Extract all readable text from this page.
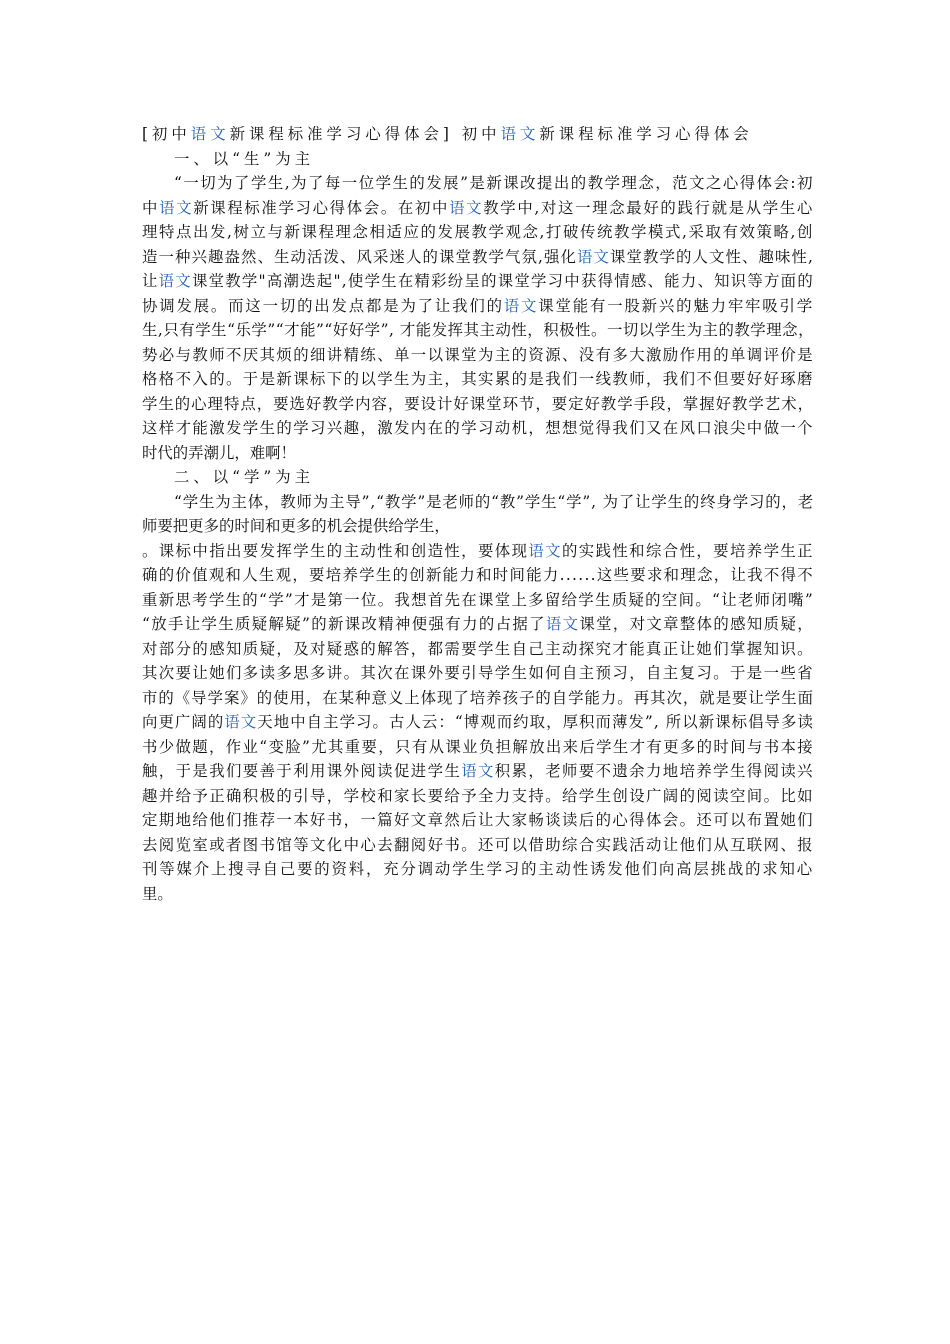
[初中语文新课程标准学习心得体会] 初中语文新课程标准学习心得体会
一、以“生”为主
“一切为了学生,为了每一位学生的发展”是新课改提出的教学理念，范文之心得体会:初
中语文新课程标准学习心得体会。在初中语文教学中,对这一理念最好的践行就是从学生心
理特点出发,树立与新课程理念相适应的发展教学观念,打破传统教学模式,采取有效策略,创
造一种兴趣盎然、生动活泼、风采迷人的课堂教学气氛,强化语文课堂教学的人文性、趣味性,
让语文课堂教学"高潮迭起",使学生在精彩纷呈的课堂学习中获得情感、能力、知识等方面的
协调发展。而这一切的出发点都是为了让我们的语文课堂能有一股新兴的魅力牢牢吸引学
生,只有学生“乐学”“才能”“好好学”, 才能发挥其主动性，积极性。一切以学生为主的教学理念，
势必与教师不厌其烦的细讲精练、单一以课堂为主的资源、没有多大激励作用的单调评价是
格格不入的。于是新课标下的以学生为主，其实累的是我们一线教师，我们不但要好好琢磨
学生的心理特点，要选好教学内容，要设计好课堂环节，要定好教学手段，掌握好教学艺术，
这样才能激发学生的学习兴趣，激发内在的学习动机，想想觉得我们又在风口浪尖中做一个
时代的弄潮儿，难啊！
二、以“学”为主
“学生为主体，教师为主导”,“教学”是老师的“教”学生“学”, 为了让学生的终身学习的，老
师要把更多的时间和更多的机会提供给学生，
。课标中指出要发挥学生的主动性和创造性，要体现语文的实践性和综合性，要培养学生正
确的价值观和人生观，要培养学生的创新能力和时间能力......这些要求和理念，让我不得不
重新思考学生的“学”才是第一位。我想首先在课堂上多留给学生质疑的空间。“让老师闭嘴”
“放手让学生质疑解疑”的新课改精神便强有力的占据了语文课堂，对文章整体的感知质疑，
对部分的感知质疑，及对疑惑的解答，都需要学生自己主动探究才能真正让她们掌握知识。
其次要让她们多读多思多讲。其次在课外要引导学生如何自主预习，自主复习。于是一些省
市的《导学案》的使用，在某种意义上体现了培养孩子的自学能力。再其次，就是要让学生面
向更广阔的语文天地中自主学习。古人云：“博观而约取，厚积而薄发”, 所以新课标倡导多读
书少做题，作业“变脸”尤其重要，只有从课业负担解放出来后学生才有更多的时间与书本接
触，于是我们要善于利用课外阅读促进学生语文积累，老师要不遗余力地培养学生得阅读兴
趣并给予正确积极的引导，学校和家长要给予全力支持。给学生创设广阔的阅读空间。比如
定期地给他们推荐一本好书，一篇好文章然后让大家畅谈读后的心得体会。还可以布置她们
去阅览室或者图书馆等文化中心去翻阅好书。还可以借助综合实践活动让他们从互联网、报
刊等媒介上搜寻自己要的资料，充分调动学生学习的主动性诱发他们向高层挑战的求知心
里。
